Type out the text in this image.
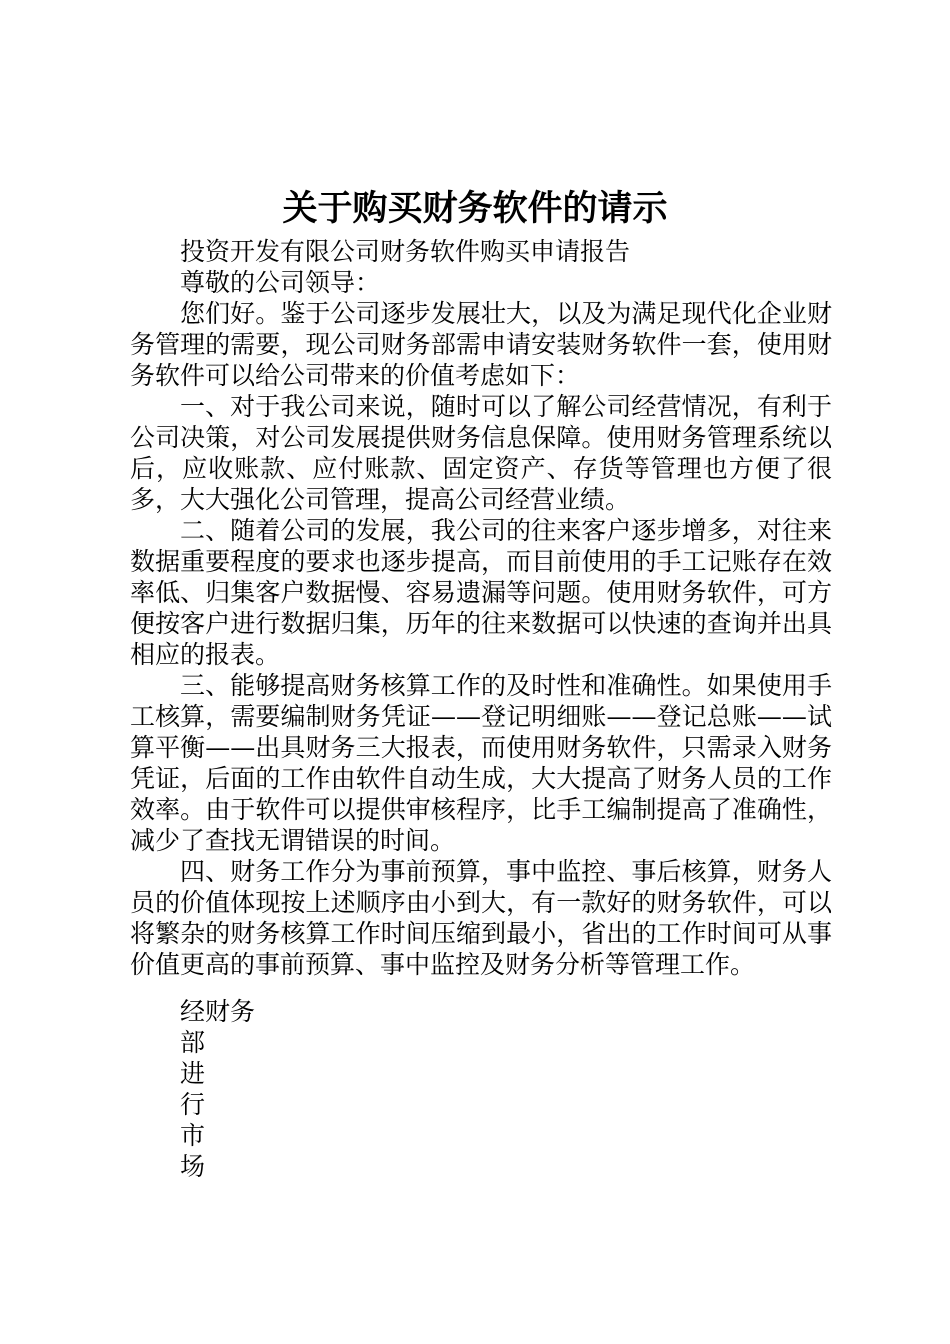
关于购买财务软件的请示

投资开发有限公司财务软件购买申请报告

尊敬的公司领导：

您们好。鉴于公司逐步发展壮大，以及为满足现代化企业财务管理的需要，现公司财务部需申请安装财务软件一套，使用财务软件可以给公司带来的价值考虑如下：

一、对于我公司来说，随时可以了解公司经营情况，有利于公司决策，对公司发展提供财务信息保障。使用财务管理系统以后，应收账款、应付账款、固定资产、存货等管理也方便了很多，大大强化公司管理，提高公司经营业绩。

二、随着公司的发展，我公司的往来客户逐步增多，对往来数据重要程度的要求也逐步提高，而目前使用的手工记账存在效率低、归集客户数据慢、容易遗漏等问题。使用财务软件，可方便按客户进行数据归集，历年的往来数据可以快速的查询并出具相应的报表。

三、能够提高财务核算工作的及时性和准确性。如果使用手工核算，需要编制财务凭证——登记明细账——登记总账——试算平衡——出具财务三大报表，而使用财务软件，只需录入财务凭证，后面的工作由软件自动生成，大大提高了财务人员的工作效率。由于软件可以提供审核程序，比手工编制提高了准确性，减少了查找无谓错误的时间。

四、财务工作分为事前预算，事中监控、事后核算，财务人员的价值体现按上述顺序由小到大，有一款好的财务软件，可以将繁杂的财务核算工作时间压缩到最小，省出的工作时间可从事价值更高的事前预算、事中监控及财务分析等管理工作。

经财务
部
进
行
市
场
